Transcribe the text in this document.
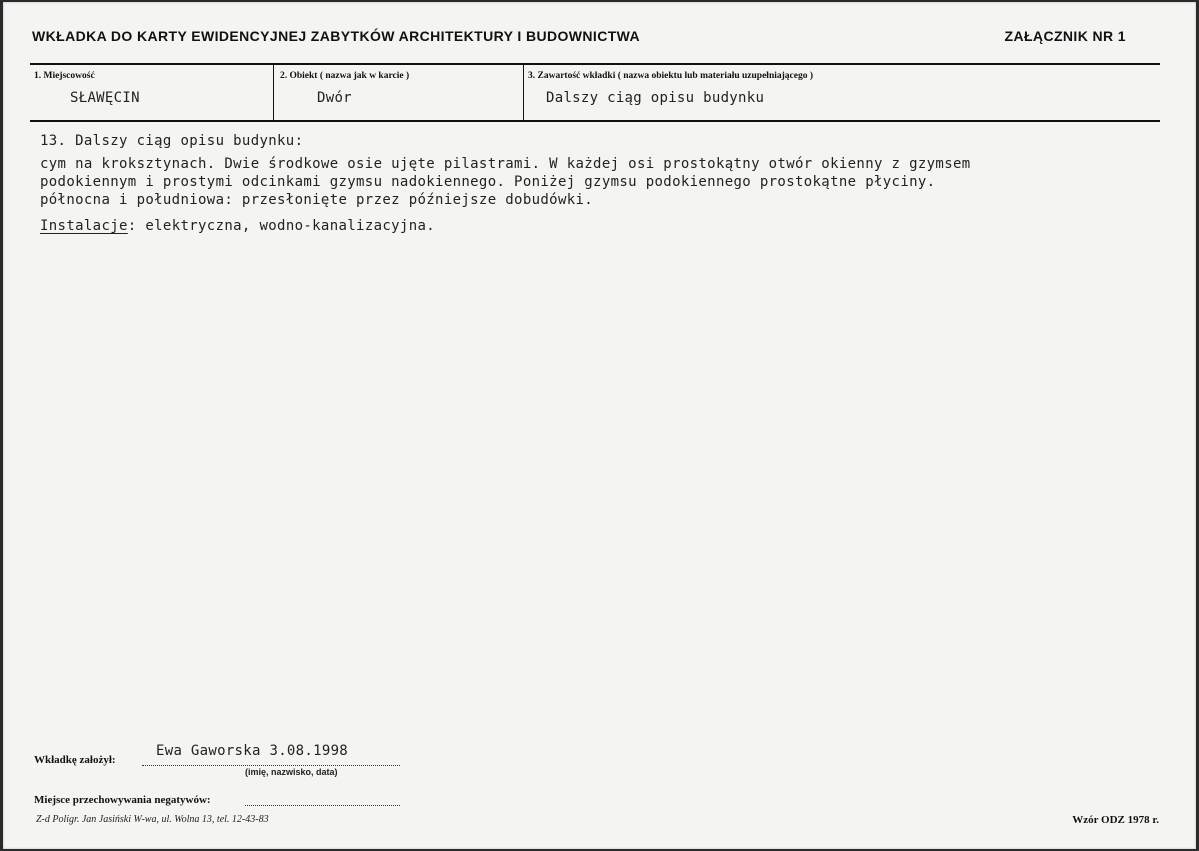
WKŁADKA DO KARTY EWIDENCYJNEJ ZABYTKÓW ARCHITEKTURY I BUDOWNICTWA	ZAŁĄCZNIK NR 1
1. Miejscowość
SŁAWĘCIN
2. Obiekt ( nazwa jak w karcie )
Dwór
3. Zawartość wkładki ( nazwa obiektu lub materiału uzupełniającego )
Dalszy ciąg opisu budynku
13. Dalszy ciąg opisu budynku:
cym na kroksztynach. Dwie środkowe osie ujęte pilastrami. W każdej osi prostokątny otwór okienny z gzymsem
podokiennym i prostymi odcinkami gzymsu nadokiennego. Poniżej gzymsu podokiennego prostokątne płyciny.
północna i południowa: przesłonięte przez późniejsze dobudówki.
Instalacje: elektryczna, wodno-kanalizacyjna.
Wkładkę założył:
Ewa Gaworska 3.08.1998
(imię, nazwisko, data)
Miejsce przechowywania negatywów:
Z-d Poligr. Jan Jasiński W-wa, ul. Wolna 13, tel. 12-43-83	Wzór ODZ 1978 r.
